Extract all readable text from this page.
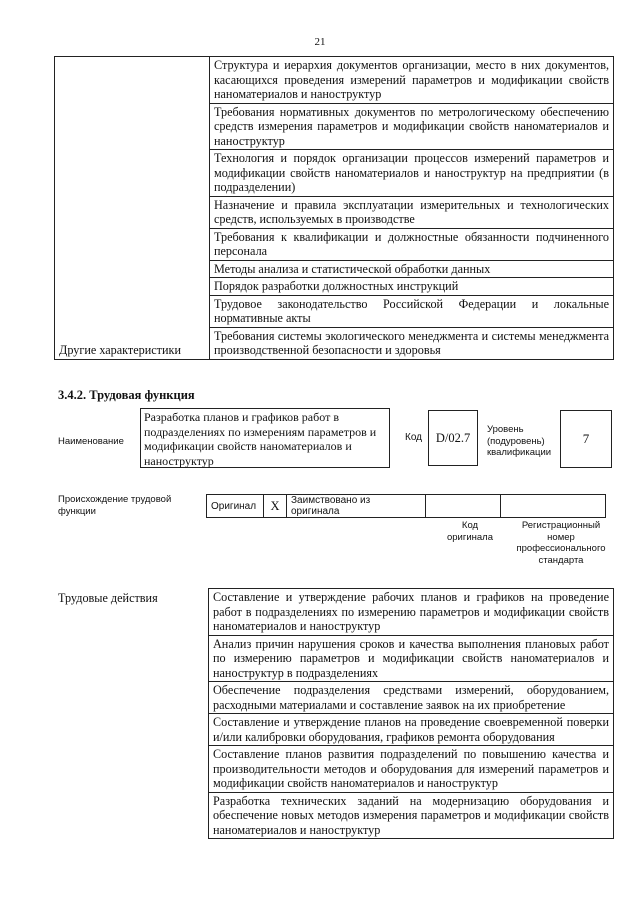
21
Другие характеристики	Структура и иерархия документов организации, место в них документов, касающихся проведения измерений параметров и модификации свойств наноматериалов и наноструктур
Требования нормативных документов по метрологическому обеспечению средств измерения параметров и модификации свойств наноматериалов и наноструктур
Технология и порядок организации процессов измерений параметров и модификации свойств наноматериалов и наноструктур на предприятии (в подразделении)
Назначение и правила эксплуатации измерительных и технологических средств, используемых в производстве
Требования к квалификации и должностные обязанности подчиненного персонала
Методы анализа и статистической обработки данных
Порядок разработки должностных инструкций
Трудовое законодательство Российской Федерации и локальные нормативные акты
Требования системы экологического менеджмента и системы менеджмента производственной безопасности и здоровья
3.4.2. Трудовая функция
Наименование
Разработка планов и графиков работ в подразделениях по измерениям параметров и модификации свойств наноматериалов и наноструктур
Код	D/02.7
Уровень
(подуровень)
квалификации
7
Происхождение трудовой
функции	Оригинал	X	Заимствовано из оригинала		
Код
оригинала
Регистрационный
номер
профессионального
стандарта
Трудовые действия	Составление и утверждение рабочих планов и графиков на проведение работ в подразделениях по измерению параметров и модификации свойств наноматериалов и наноструктур
Анализ причин нарушения сроков и качества выполнения плановых работ по измерению параметров и модификации свойств наноматериалов и наноструктур в подразделениях
Обеспечение подразделения средствами измерений, оборудованием, расходными материалами и составление заявок на их приобретение
Составление и утверждение планов на проведение своевременной поверки и/или калибровки оборудования, графиков ремонта оборудования
Составление планов развития подразделений по повышению качества и производительности методов и оборудования для измерений параметров и модификации свойств наноматериалов и наноструктур
Разработка технических заданий на модернизацию оборудования и обеспечение новых методов измерения параметров и модификации свойств наноматериалов и наноструктур
